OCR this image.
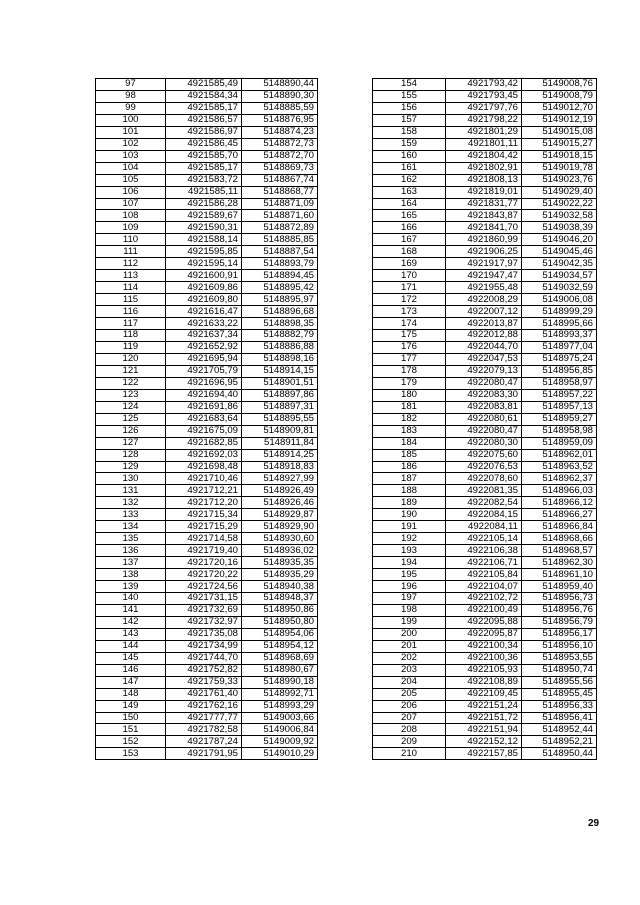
97	4921585,49	5148890,44
98	4921584,34	5148890,30
99	4921585,17	5148885,59
100	4921586,57	5148876,95
101	4921586,97	5148874,23
102	4921586,45	5148872,73
103	4921585,70	5148872,70
104	4921585,17	5148869,73
105	4921583,72	5148867,74
106	4921585,11	5148868,77
107	4921586,28	5148871,09
108	4921589,67	5148871,60
109	4921590,31	5148872,89
110	4921588,14	5148885,85
111	4921595,85	5148887,54
112	4921595,14	5148893,79
113	4921600,91	5148894,45
114	4921609,86	5148895,42
115	4921609,80	5148895,97
116	4921616,47	5148896,68
117	4921633,22	5148898,35
118	4921637,34	5148882,79
119	4921652,92	5148886,88
120	4921695,94	5148898,16
121	4921705,79	5148914,15
122	4921696,95	5148901,51
123	4921694,40	5148897,86
124	4921691,86	5148897,31
125	4921683,64	5148895,55
126	4921675,09	5148909,81
127	4921682,85	5148911,84
128	4921692,03	5148914,25
129	4921698,48	5148918,83
130	4921710,46	5148927,99
131	4921712,21	5148926,49
132	4921712,20	5148926,46
133	4921715,34	5148929,87
134	4921715,29	5148929,90
135	4921714,58	5148930,60
136	4921719,40	5148936,02
137	4921720,16	5148935,35
138	4921720,22	5148935,29
139	4921724,56	5148940,38
140	4921731,15	5148948,37
141	4921732,69	5148950,86
142	4921732,97	5148950,80
143	4921735,08	5148954,06
144	4921734,99	5148954,12
145	4921744,70	5148968,69
146	4921752,82	5148980,67
147	4921759,33	5148990,18
148	4921761,40	5148992,71
149	4921762,16	5148993,29
150	4921777,77	5149003,66
151	4921782,58	5149006,84
152	4921787,24	5149009,92
153	4921791,95	5149010,29
154	4921793,42	5149008,76
155	4921793,45	5149008,79
156	4921797,76	5149012,70
157	4921798,22	5149012,19
158	4921801,29	5149015,08
159	4921801,11	5149015,27
160	4921804,42	5149018,15
161	4921802,91	5149019,78
162	4921808,13	5149023,76
163	4921819,01	5149029,40
164	4921831,77	5149022,22
165	4921843,87	5149032,58
166	4921841,70	5149038,39
167	4921860,99	5149046,20
168	4921906,25	5149045,46
169	4921917,97	5149042,35
170	4921947,47	5149034,57
171	4921955,48	5149032,59
172	4922008,29	5149006,08
173	4922007,12	5148999,29
174	4922013,87	5148995,66
175	4922012,88	5148993,37
176	4922044,70	5148977,04
177	4922047,53	5148975,24
178	4922079,13	5148956,85
179	4922080,47	5148958,97
180	4922083,30	5148957,22
181	4922083,81	5148957,13
182	4922080,61	5148959,27
183	4922080,47	5148958,98
184	4922080,30	5148959,09
185	4922075,60	5148962,01
186	4922076,53	5148963,52
187	4922078,60	5148962,37
188	4922081,35	5148966,03
189	4922082,54	5148966,12
190	4922084,15	5148966,27
191	4922084,11	5148966,84
192	4922105,14	5148968,66
193	4922106,38	5148968,57
194	4922106,71	5148962,30
195	4922105,84	5148961,10
196	4922104,07	5148959,40
197	4922102,72	5148956,73
198	4922100,49	5148956,76
199	4922095,88	5148956,79
200	4922095,87	5148956,17
201	4922100,34	5148956,10
202	4922100,36	5148953,55
203	4922105,93	5148950,74
204	4922108,89	5148955,56
205	4922109,45	5148955,45
206	4922151,24	5148956,33
207	4922151,72	5148956,41
208	4922151,94	5148952,44
209	4922152,12	5148952,21
210	4922157,85	5148950,44
29
